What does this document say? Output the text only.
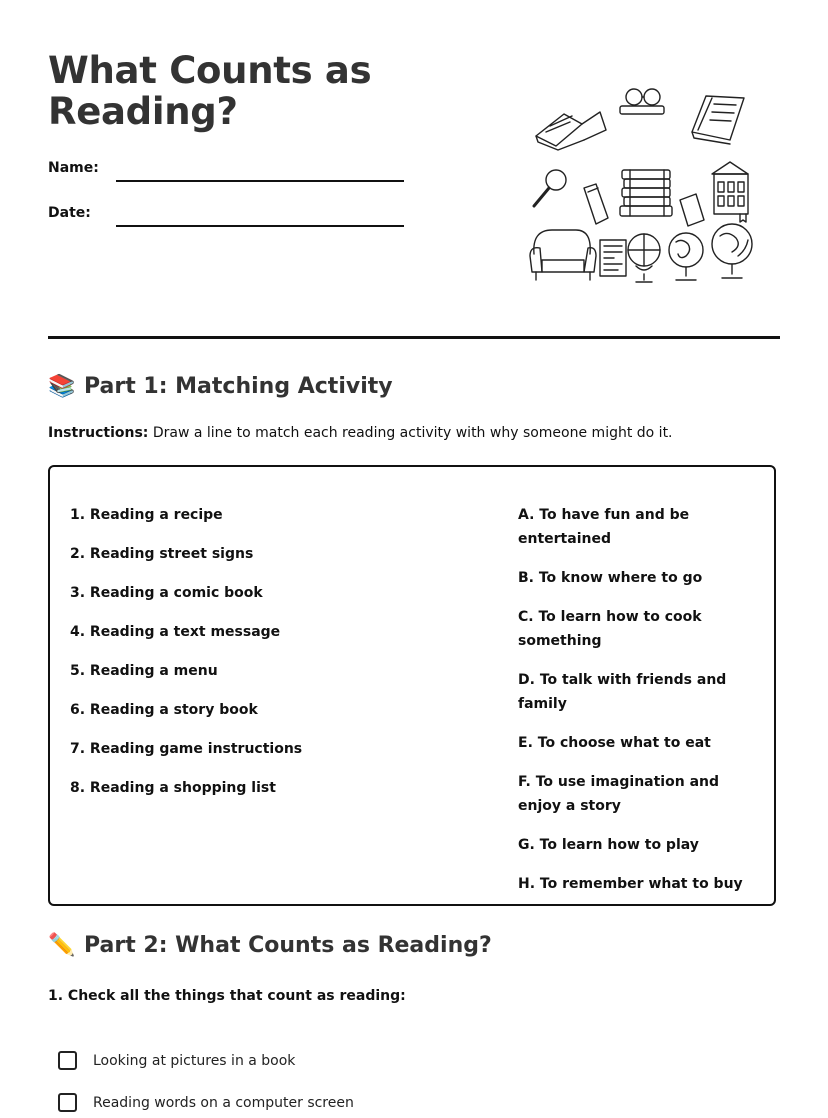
What Counts as Reading?
Name:
Date:
📚 Part 1: Matching Activity
Instructions: Draw a line to match each reading activity with why someone might do it.
1. Reading a recipe
2. Reading street signs
3. Reading a comic book
4. Reading a text message
5. Reading a menu
6. Reading a story book
7. Reading game instructions
8. Reading a shopping list
A. To have fun and be entertained
B. To know where to go
C. To learn how to cook something
D. To talk with friends and family
E. To choose what to eat
F. To use imagination and enjoy a story
G. To learn how to play
H. To remember what to buy
✏️ Part 2: What Counts as Reading?
1. Check all the things that count as reading:
Looking at pictures in a book
Reading words on a computer screen
